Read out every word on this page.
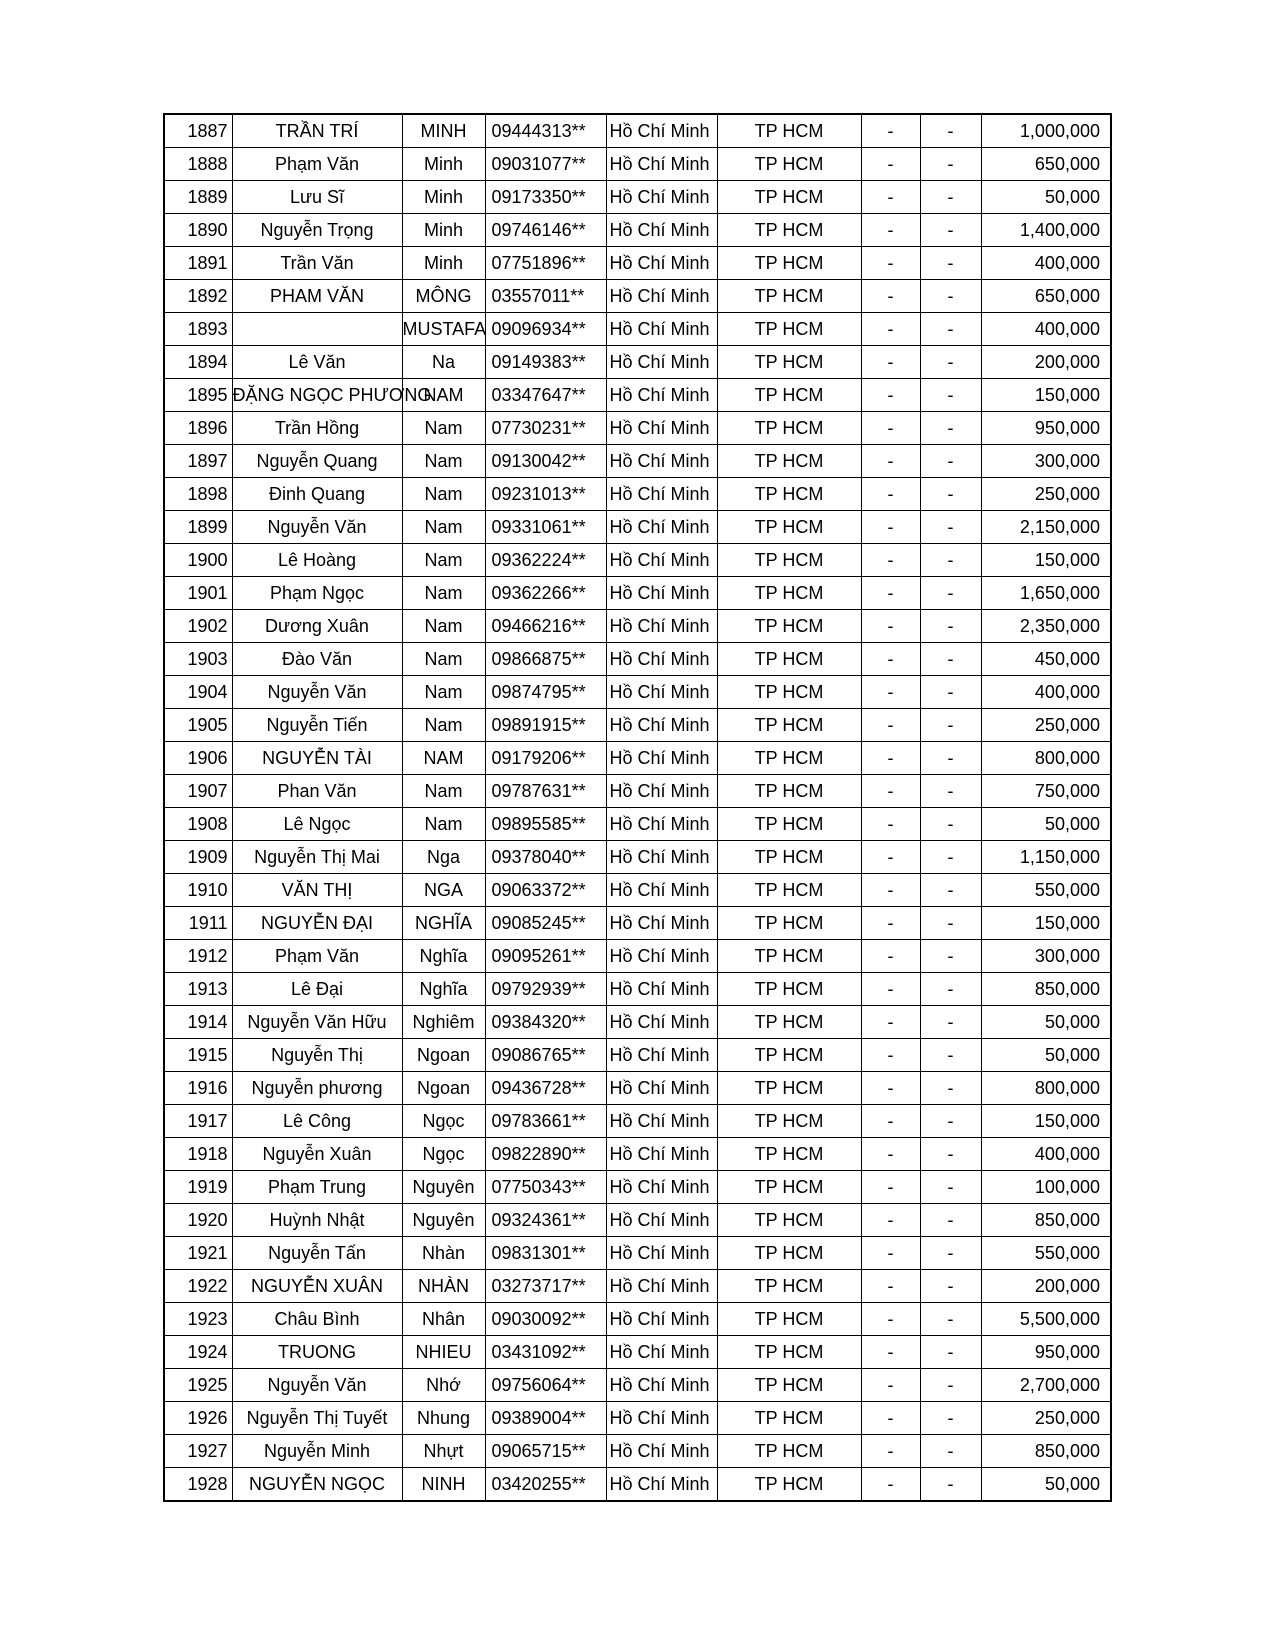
1887	TRẦN TRÍ	MINH	09444313**	Hồ Chí Minh	TP HCM	-	-	1,000,000
1888	Phạm Văn	Minh	09031077**	Hồ Chí Minh	TP HCM	-	-	650,000
1889	Lưu Sĩ	Minh	09173350**	Hồ Chí Minh	TP HCM	-	-	50,000
1890	Nguyễn Trọng	Minh	09746146**	Hồ Chí Minh	TP HCM	-	-	1,400,000
1891	Trần Văn	Minh	07751896**	Hồ Chí Minh	TP HCM	-	-	400,000
1892	PHAM VĂN	MÔNG	03557011**	Hồ Chí Minh	TP HCM	-	-	650,000
1893		MUSTAFA	09096934**	Hồ Chí Minh	TP HCM	-	-	400,000
1894	Lê Văn	Na	09149383**	Hồ Chí Minh	TP HCM	-	-	200,000
1895	ĐẶNG NGỌC PHƯƠNG	NAM	03347647**	Hồ Chí Minh	TP HCM	-	-	150,000
1896	Trần Hồng	Nam	07730231**	Hồ Chí Minh	TP HCM	-	-	950,000
1897	Nguyễn Quang	Nam	09130042**	Hồ Chí Minh	TP HCM	-	-	300,000
1898	Đinh Quang	Nam	09231013**	Hồ Chí Minh	TP HCM	-	-	250,000
1899	Nguyễn Văn	Nam	09331061**	Hồ Chí Minh	TP HCM	-	-	2,150,000
1900	Lê Hoàng	Nam	09362224**	Hồ Chí Minh	TP HCM	-	-	150,000
1901	Phạm Ngọc	Nam	09362266**	Hồ Chí Minh	TP HCM	-	-	1,650,000
1902	Dương Xuân	Nam	09466216**	Hồ Chí Minh	TP HCM	-	-	2,350,000
1903	Đào Văn	Nam	09866875**	Hồ Chí Minh	TP HCM	-	-	450,000
1904	Nguyễn Văn	Nam	09874795**	Hồ Chí Minh	TP HCM	-	-	400,000
1905	Nguyễn Tiến	Nam	09891915**	Hồ Chí Minh	TP HCM	-	-	250,000
1906	NGUYỄN TÀI	NAM	09179206**	Hồ Chí Minh	TP HCM	-	-	800,000
1907	Phan Văn	Nam	09787631**	Hồ Chí Minh	TP HCM	-	-	750,000
1908	Lê Ngọc	Nam	09895585**	Hồ Chí Minh	TP HCM	-	-	50,000
1909	Nguyễn Thị Mai	Nga	09378040**	Hồ Chí Minh	TP HCM	-	-	1,150,000
1910	VĂN THỊ	NGA	09063372**	Hồ Chí Minh	TP HCM	-	-	550,000
1911	NGUYỄN ĐẠI	NGHĨA	09085245**	Hồ Chí Minh	TP HCM	-	-	150,000
1912	Phạm Văn	Nghĩa	09095261**	Hồ Chí Minh	TP HCM	-	-	300,000
1913	Lê Đại	Nghĩa	09792939**	Hồ Chí Minh	TP HCM	-	-	850,000
1914	Nguyễn Văn Hữu	Nghiêm	09384320**	Hồ Chí Minh	TP HCM	-	-	50,000
1915	Nguyễn Thị	Ngoan	09086765**	Hồ Chí Minh	TP HCM	-	-	50,000
1916	Nguyễn phương	Ngoan	09436728**	Hồ Chí Minh	TP HCM	-	-	800,000
1917	Lê Công	Ngọc	09783661**	Hồ Chí Minh	TP HCM	-	-	150,000
1918	Nguyễn Xuân	Ngọc	09822890**	Hồ Chí Minh	TP HCM	-	-	400,000
1919	Phạm Trung	Nguyên	07750343**	Hồ Chí Minh	TP HCM	-	-	100,000
1920	Huỳnh Nhật	Nguyên	09324361**	Hồ Chí Minh	TP HCM	-	-	850,000
1921	Nguyễn Tấn	Nhàn	09831301**	Hồ Chí Minh	TP HCM	-	-	550,000
1922	NGUYỄN XUÂN	NHÀN	03273717**	Hồ Chí Minh	TP HCM	-	-	200,000
1923	Châu Bình	Nhân	09030092**	Hồ Chí Minh	TP HCM	-	-	5,500,000
1924	TRUONG	NHIEU	03431092**	Hồ Chí Minh	TP HCM	-	-	950,000
1925	Nguyễn Văn	Nhớ	09756064**	Hồ Chí Minh	TP HCM	-	-	2,700,000
1926	Nguyễn Thị Tuyết	Nhung	09389004**	Hồ Chí Minh	TP HCM	-	-	250,000
1927	Nguyễn Minh	Nhựt	09065715**	Hồ Chí Minh	TP HCM	-	-	850,000
1928	NGUYỄN NGỌC	NINH	03420255**	Hồ Chí Minh	TP HCM	-	-	50,000
